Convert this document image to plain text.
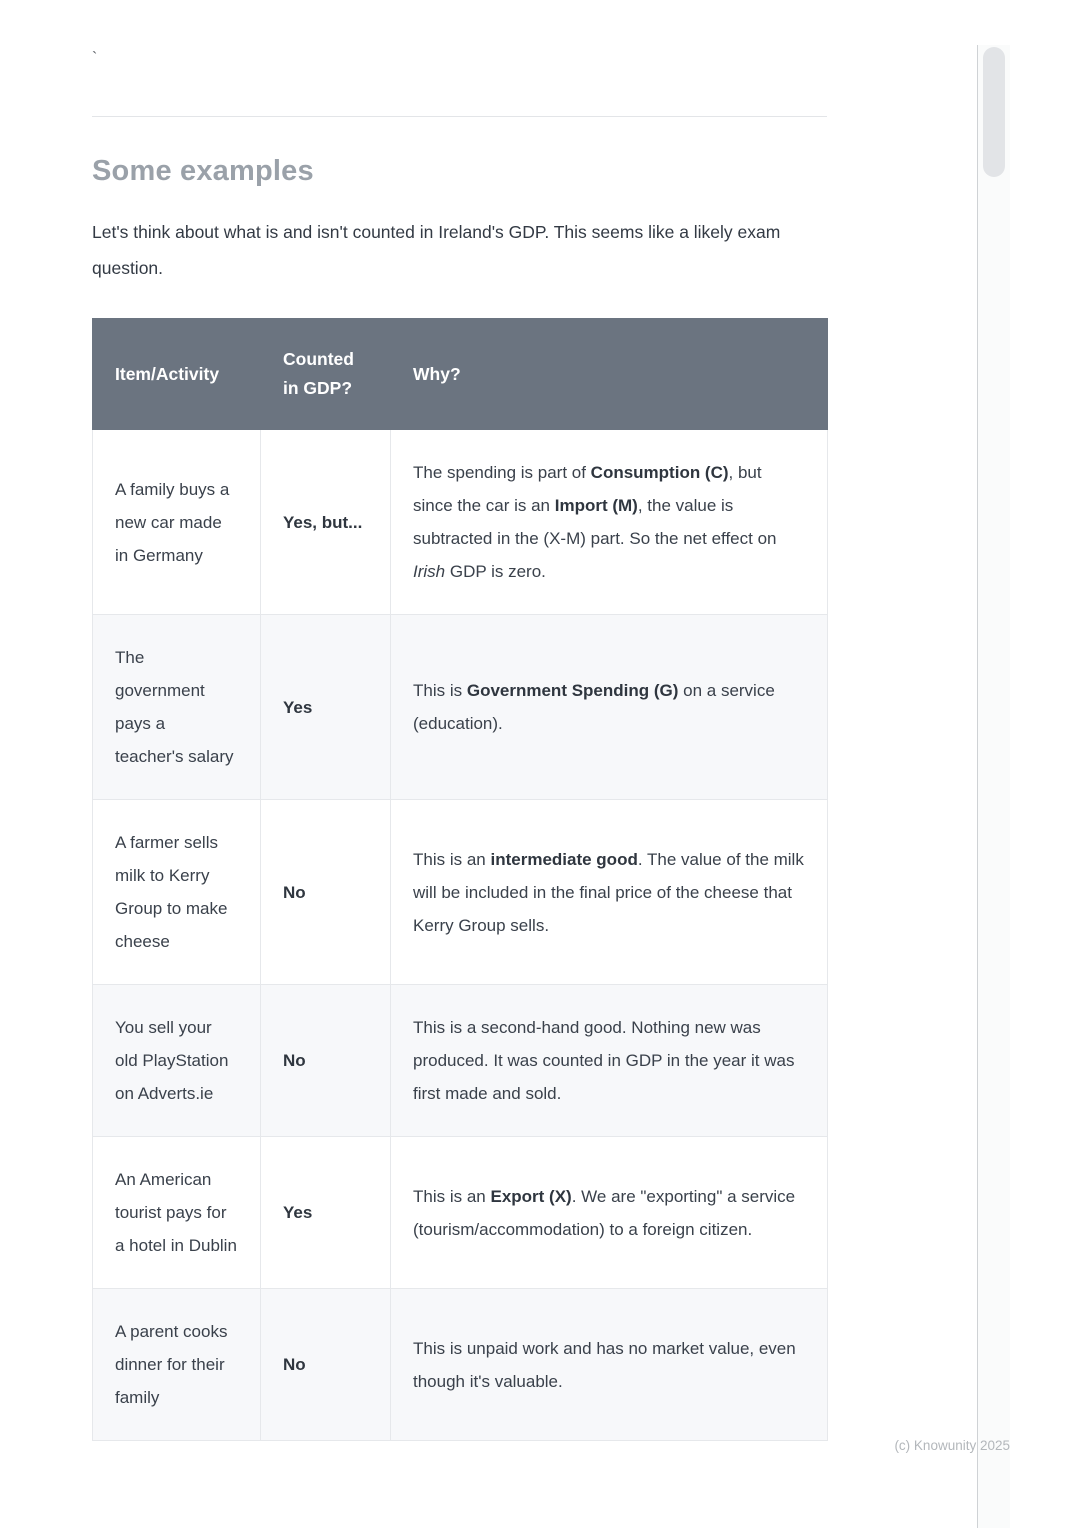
`
Some examples

Let's think about what is and isn't counted in Ireland's GDP. This seems like a likely exam question.

Item/Activity	Counted in GDP?	Why?
A family buys a new car made in Germany	Yes, but...	The spending is part of Consumption (C), but since the car is an Import (M), the value is subtracted in the (X-M) part. So the net effect on Irish GDP is zero.
The government pays a teacher's salary	Yes	This is Government Spending (G) on a service (education).
A farmer sells milk to Kerry Group to make cheese	No	This is an intermediate good. The value of the milk will be included in the final price of the cheese that Kerry Group sells.
You sell your old PlayStation on Adverts.ie	No	This is a second-hand good. Nothing new was produced. It was counted in GDP in the year it was first made and sold.
An American tourist pays for a hotel in Dublin	Yes	This is an Export (X). We are "exporting" a service (tourism/accommodation) to a foreign citizen.
A parent cooks dinner for their family	No	This is unpaid work and has no market value, even though it's valuable.
(c) Knowunity 2025
